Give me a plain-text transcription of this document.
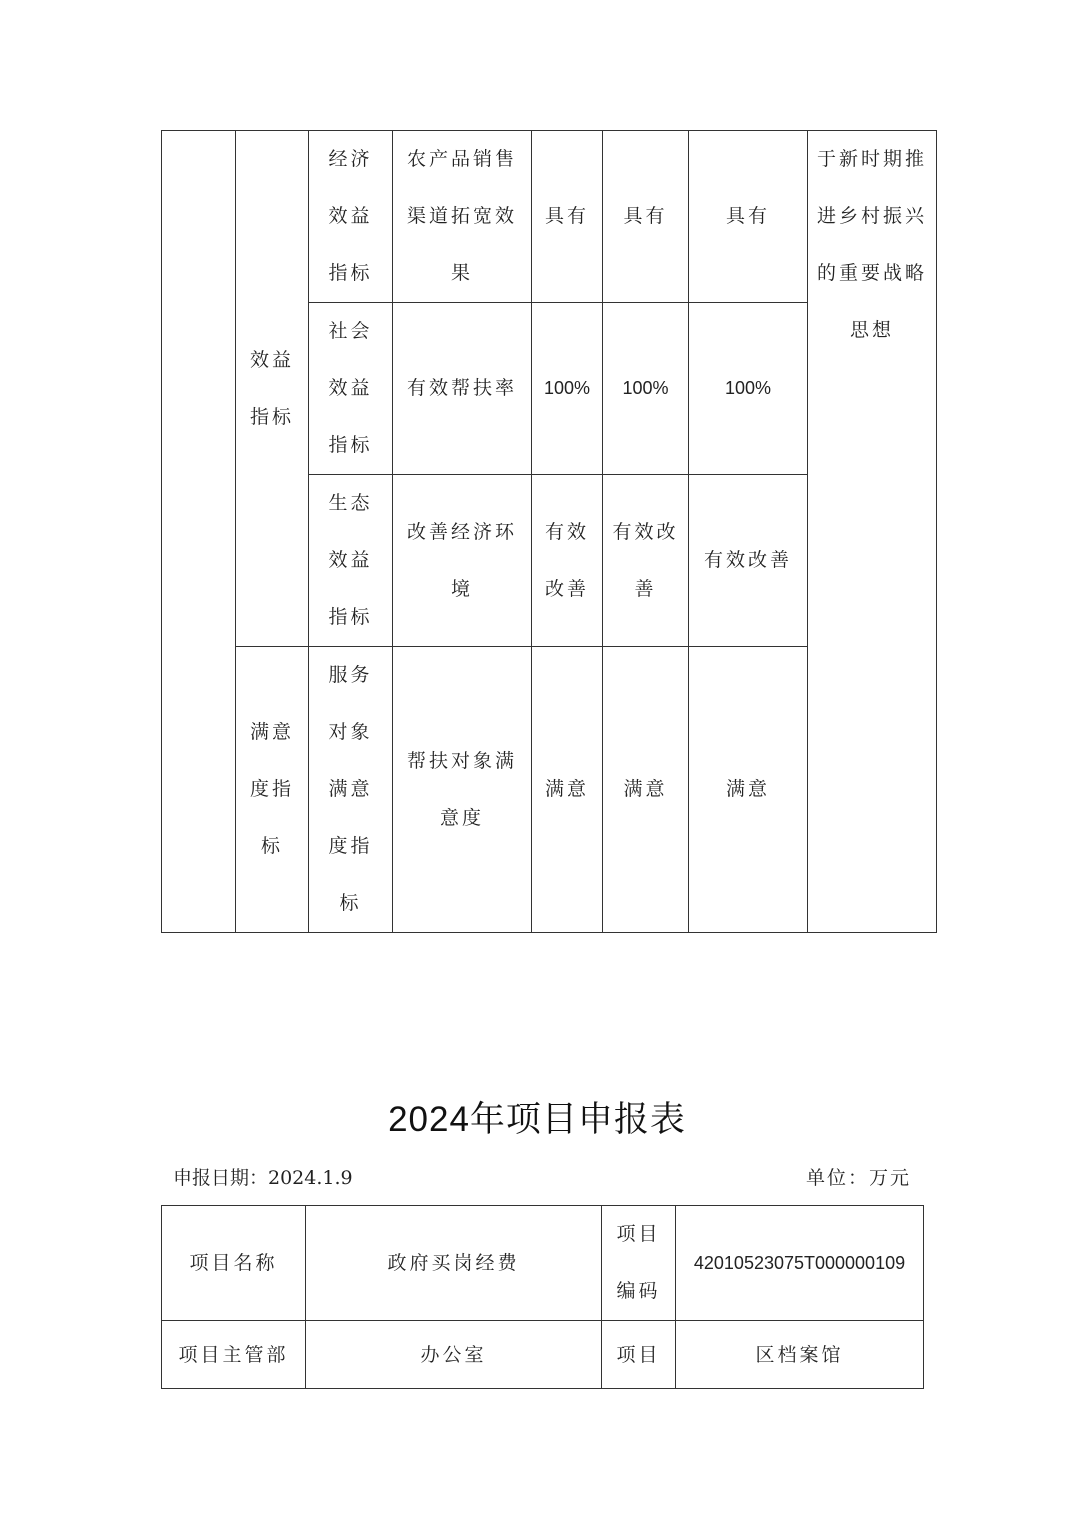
	效益指标	经济效益指标	农产品销售渠道拓宽效果	具有	具有	具有	于新时期推进乡村振兴的重要战略思想
		社会效益指标	有效帮扶率	100%	100%	100%	
		生态效益指标	改善经济环境	有效改善	有效改善	有效改善	
	满意度指标	服务对象满意度指标	帮扶对象满意度	满意	满意	满意	
2024年项目申报表
申报日期：2024.1.9	单位：万元
项目名称	政府买岗经费	项目编码	42010523075T000000109
项目主管部	办公室	项目	区档案馆
